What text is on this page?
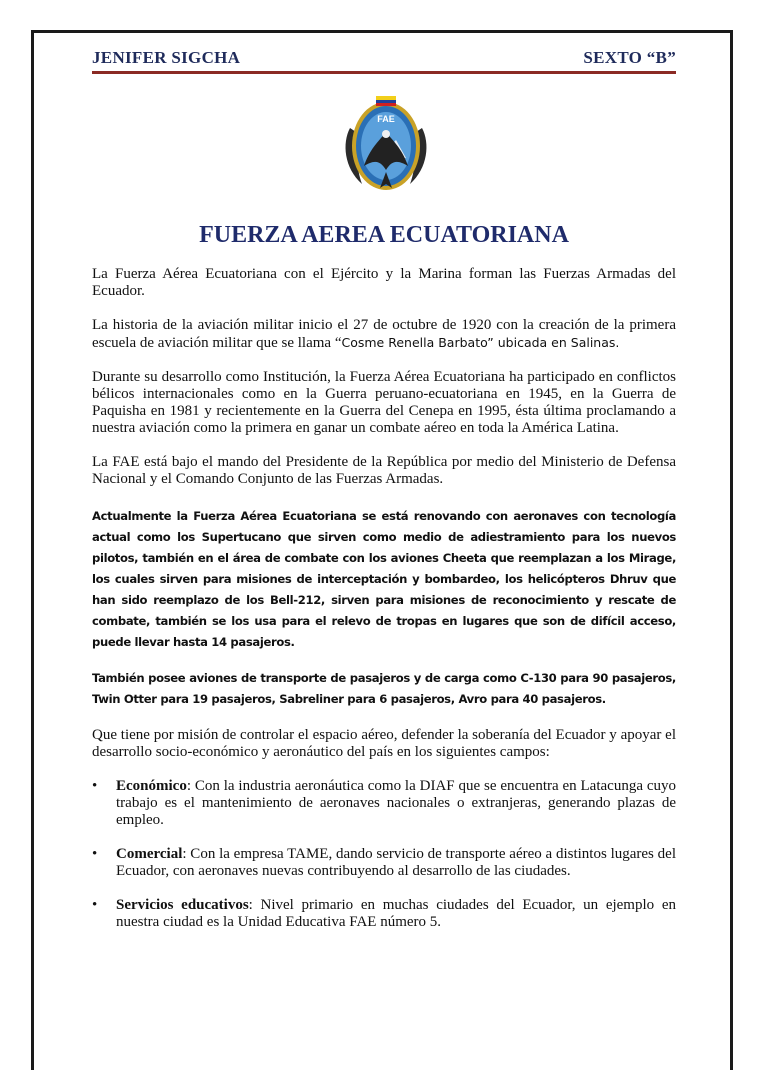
JENIFER SIGCHA	SEXTO “B”
FAE
FUERZA AEREA ECUATORIANA

La Fuerza Aérea Ecuatoriana con el Ejército y la Marina forman las Fuerzas Armadas del Ecuador.

La historia de la aviación militar inicio el 27 de octubre de 1920 con la creación de la primera escuela de aviación militar que se llama “Cosme Renella Barbato” ubicada en Salinas.

Durante su desarrollo como Institución, la Fuerza Aérea Ecuatoriana ha participado en conflictos bélicos internacionales como en la Guerra peruano-ecuatoriana en 1945, en la Guerra de Paquisha en 1981 y recientemente en la Guerra del Cenepa en 1995, ésta última proclamando a nuestra aviación como la primera en ganar un combate aéreo en toda la América Latina.

La FAE está bajo el mando del Presidente de la República por medio del Ministerio de Defensa Nacional y el Comando Conjunto de las Fuerzas Armadas.

Actualmente la Fuerza Aérea Ecuatoriana se está renovando con aeronaves con tecnología actual como los Supertucano que sirven como medio de adiestramiento para los nuevos pilotos, también en el área de combate con los aviones Cheeta que reemplazan a los Mirage, los cuales sirven para misiones de interceptación y bombardeo, los helicópteros Dhruv que han sido reemplazo de los Bell-212, sirven para misiones de reconocimiento y rescate de combate, también se los usa para el relevo de tropas en lugares que son de difícil acceso, puede llevar hasta 14 pasajeros.

También posee aviones de transporte de pasajeros y de carga como C-130 para 90 pasajeros, Twin Otter para 19 pasajeros, Sabreliner para 6 pasajeros, Avro para 40 pasajeros.

Que tiene por misión de controlar el espacio aéreo, defender la soberanía del Ecuador y apoyar el desarrollo socio-económico y aeronáutico del país en los siguientes campos:

• Económico: Con la industria aeronáutica como la DIAF que se encuentra en Latacunga cuyo trabajo es el mantenimiento de aeronaves nacionales o extranjeras, generando plazas de empleo.
• Comercial: Con la empresa TAME, dando servicio de transporte aéreo a distintos lugares del Ecuador, con aeronaves nuevas contribuyendo al desarrollo de las ciudades.
• Servicios educativos: Nivel primario en muchas ciudades del Ecuador, un ejemplo en nuestra ciudad es la Unidad Educativa FAE número 5.
